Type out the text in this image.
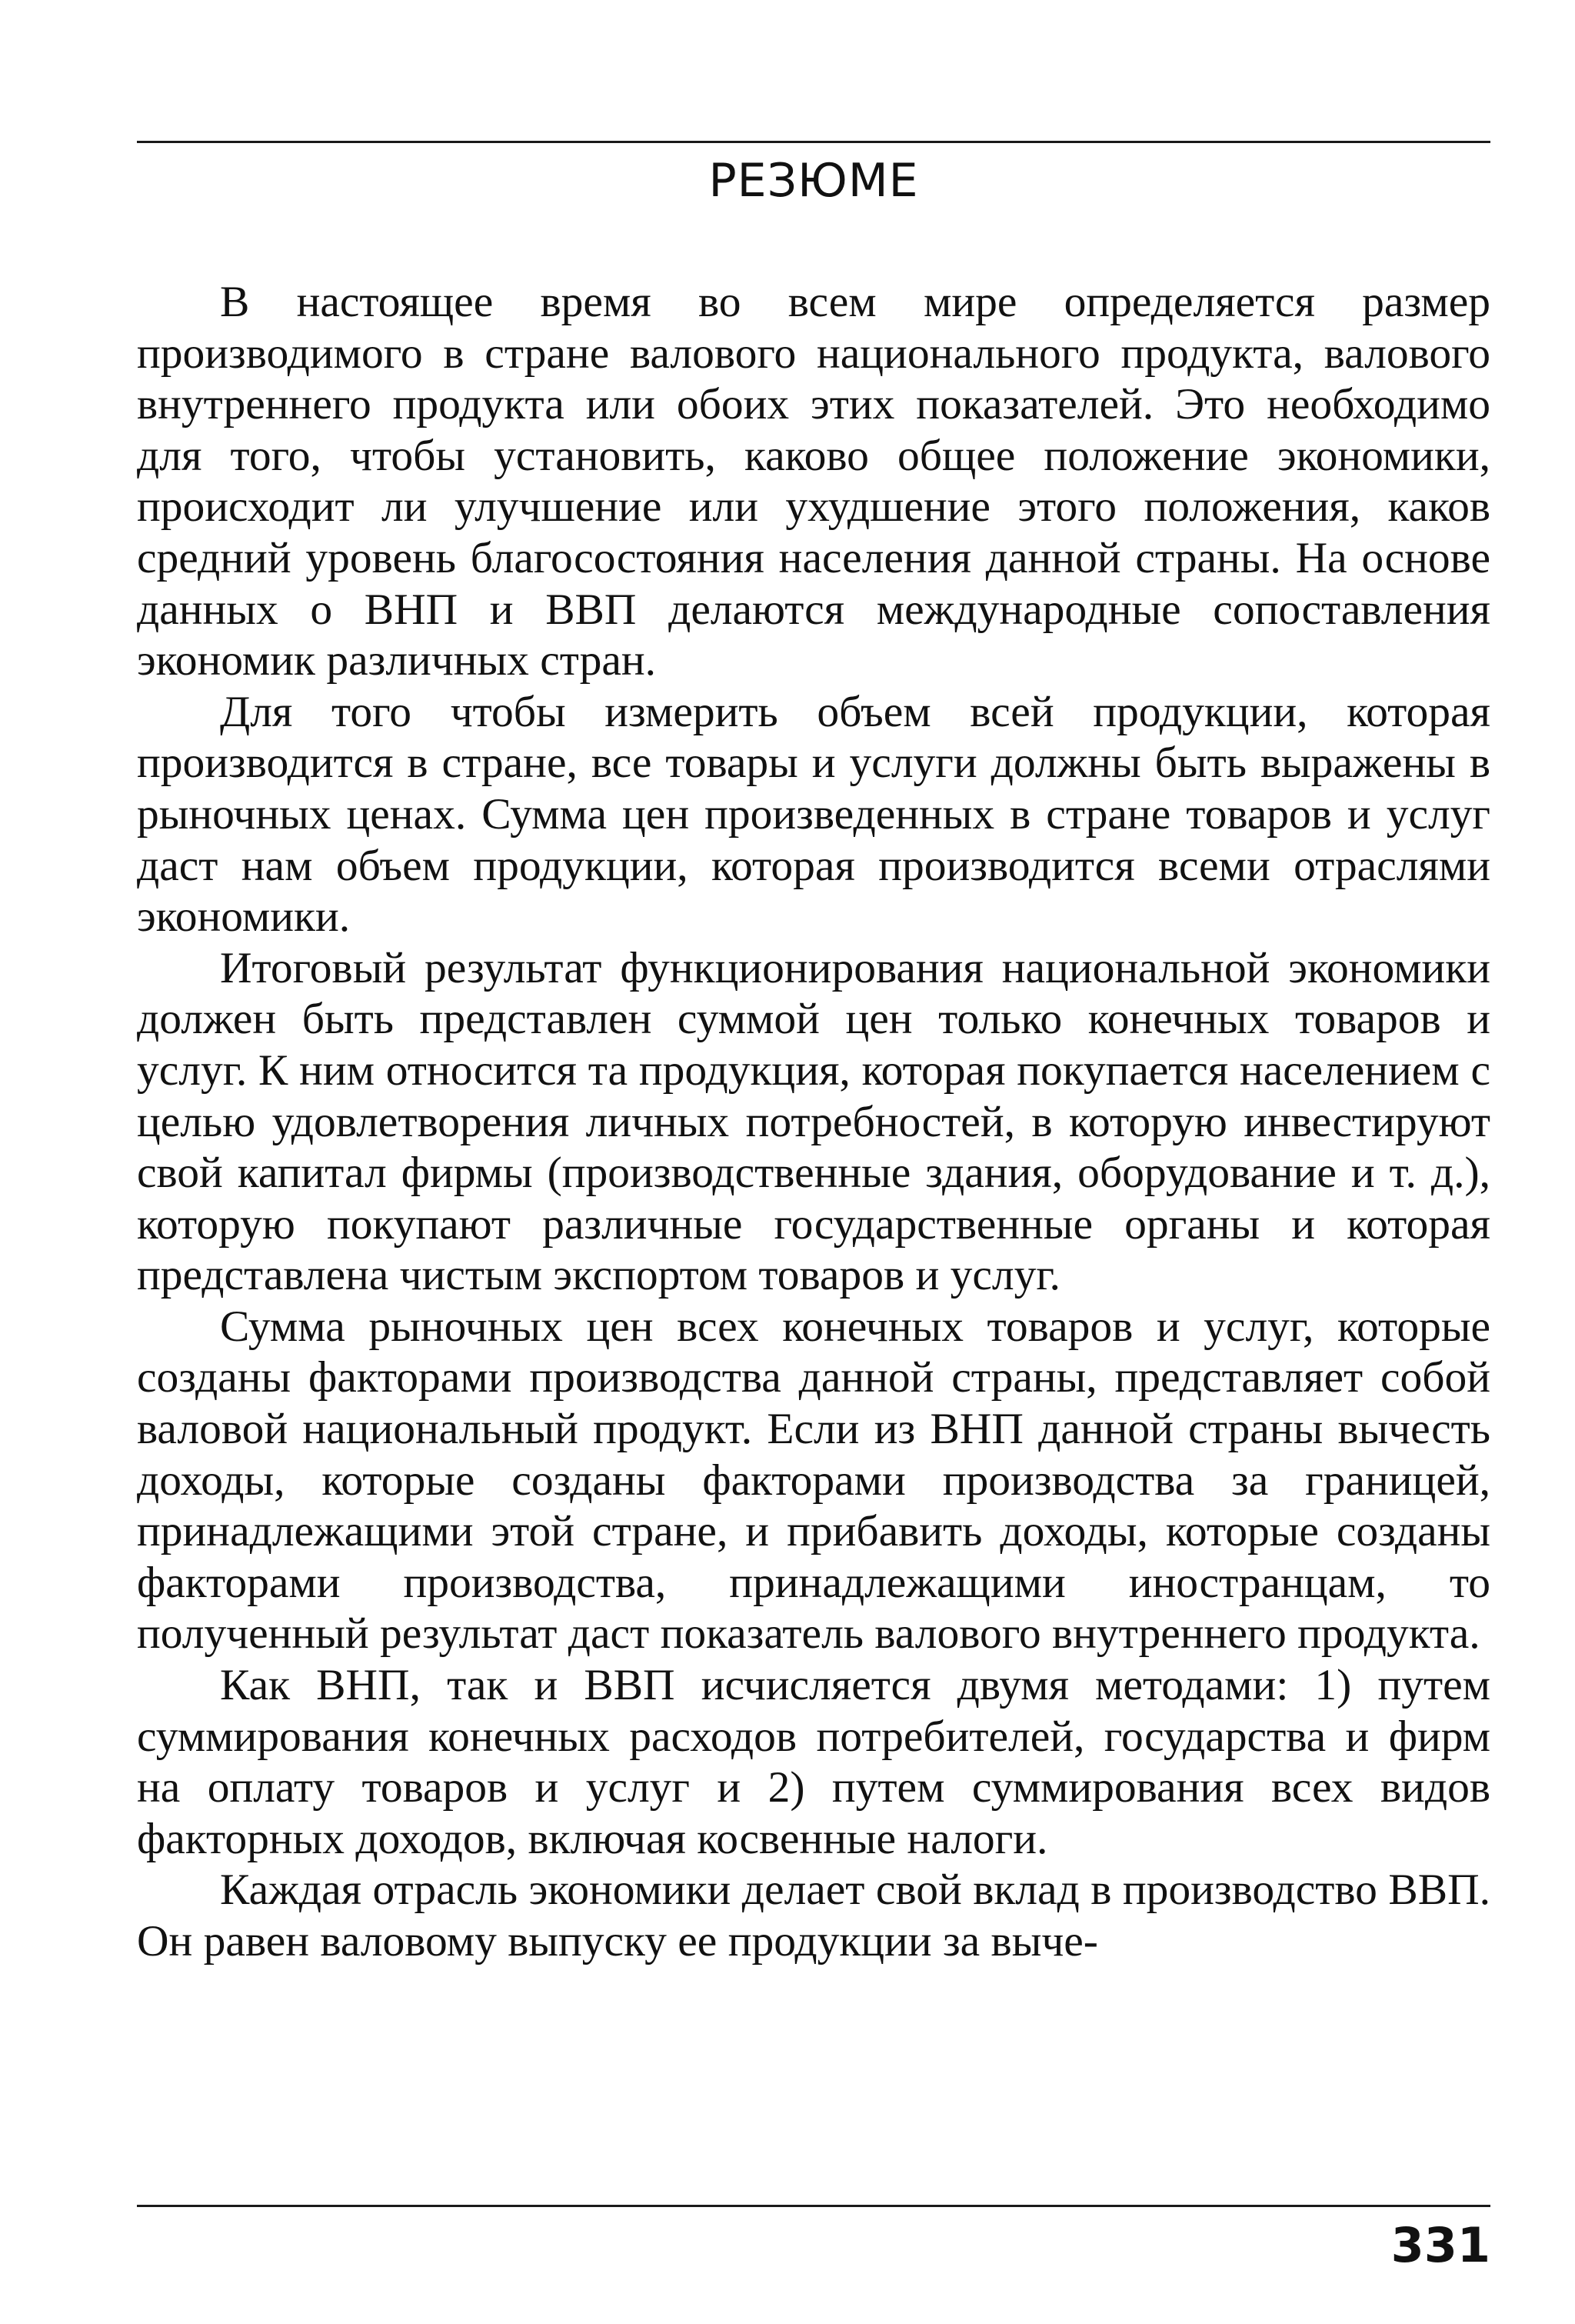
РЕЗЮМЕ

В настоящее время во всем мире определяется размер производимого в стране валового национального продукта, валового внутреннего продукта или обоих этих показателей. Это необходимо для того, чтобы установить, каково общее положение экономики, происходит ли улучшение или ухудшение этого положения, каков средний уровень благосостояния населения данной страны. На основе данных о ВНП и ВВП делаются международные сопоставления экономик различных стран.

Для того чтобы измерить объем всей продукции, которая производится в стране, все товары и услуги должны быть выражены в рыночных ценах. Сумма цен произведенных в стране товаров и услуг даст нам объем продукции, которая производится всеми отраслями экономики.

Итоговый результат функционирования национальной экономики должен быть представлен суммой цен только конечных товаров и услуг. К ним относится та продукция, которая покупается населением с целью удовлетворения личных потребностей, в которую инвестируют свой капитал фирмы (производственные здания, оборудование и т. д.), которую покупают различные государственные органы и которая представлена чистым экспортом товаров и услуг.

Сумма рыночных цен всех конечных товаров и услуг, которые созданы факторами производства данной страны, представляет собой валовой национальный продукт. Если из ВНП данной страны вычесть доходы, которые созданы факторами производства за границей, принадлежащими этой стране, и прибавить доходы, которые созданы факторами производства, принадлежащими иностранцам, то полученный результат даст показатель валового внутреннего продукта.

Как ВНП, так и ВВП исчисляется двумя методами: 1) путем суммирования конечных расходов потребителей, государства и фирм на оплату товаров и услуг и 2) путем суммирования всех видов факторных доходов, включая косвенные налоги.

Каждая отрасль экономики делает свой вклад в производство ВВП. Он равен валовому выпуску ее продукции за выче-

331
